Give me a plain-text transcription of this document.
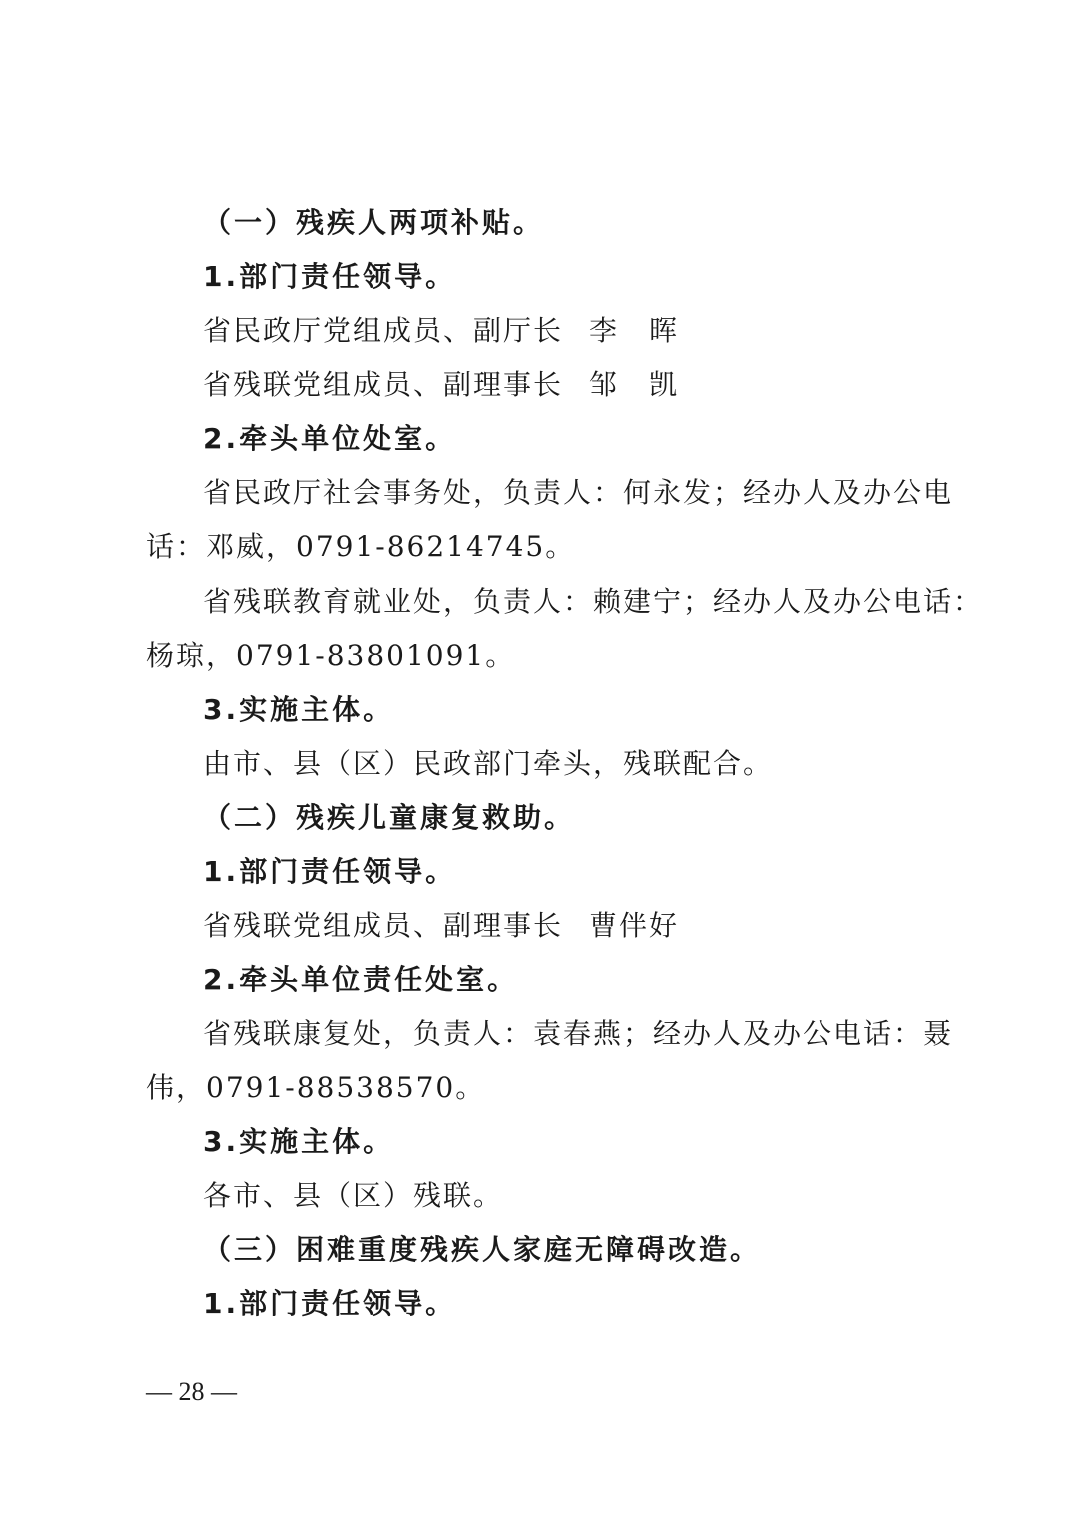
（一）残疾人两项补贴。
1.部门责任领导。
省民政厅党组成员、副厅长 李　晖
省残联党组成员、副理事长 邹　凯
2.牵头单位处室。
省民政厅社会事务处，负责人：何永发；经办人及办公电
话：邓威，0791-86214745。
省残联教育就业处，负责人：赖建宁；经办人及办公电话：
杨琼，0791-83801091。
3.实施主体。
由市、县（区）民政部门牵头，残联配合。
（二）残疾儿童康复救助。
1.部门责任领导。
省残联党组成员、副理事长 曹伴好
2.牵头单位责任处室。
省残联康复处，负责人：袁春燕；经办人及办公电话：聂
伟，0791-88538570。
3.实施主体。
各市、县（区）残联。
（三）困难重度残疾人家庭无障碍改造。
1.部门责任领导。
— 28 —
